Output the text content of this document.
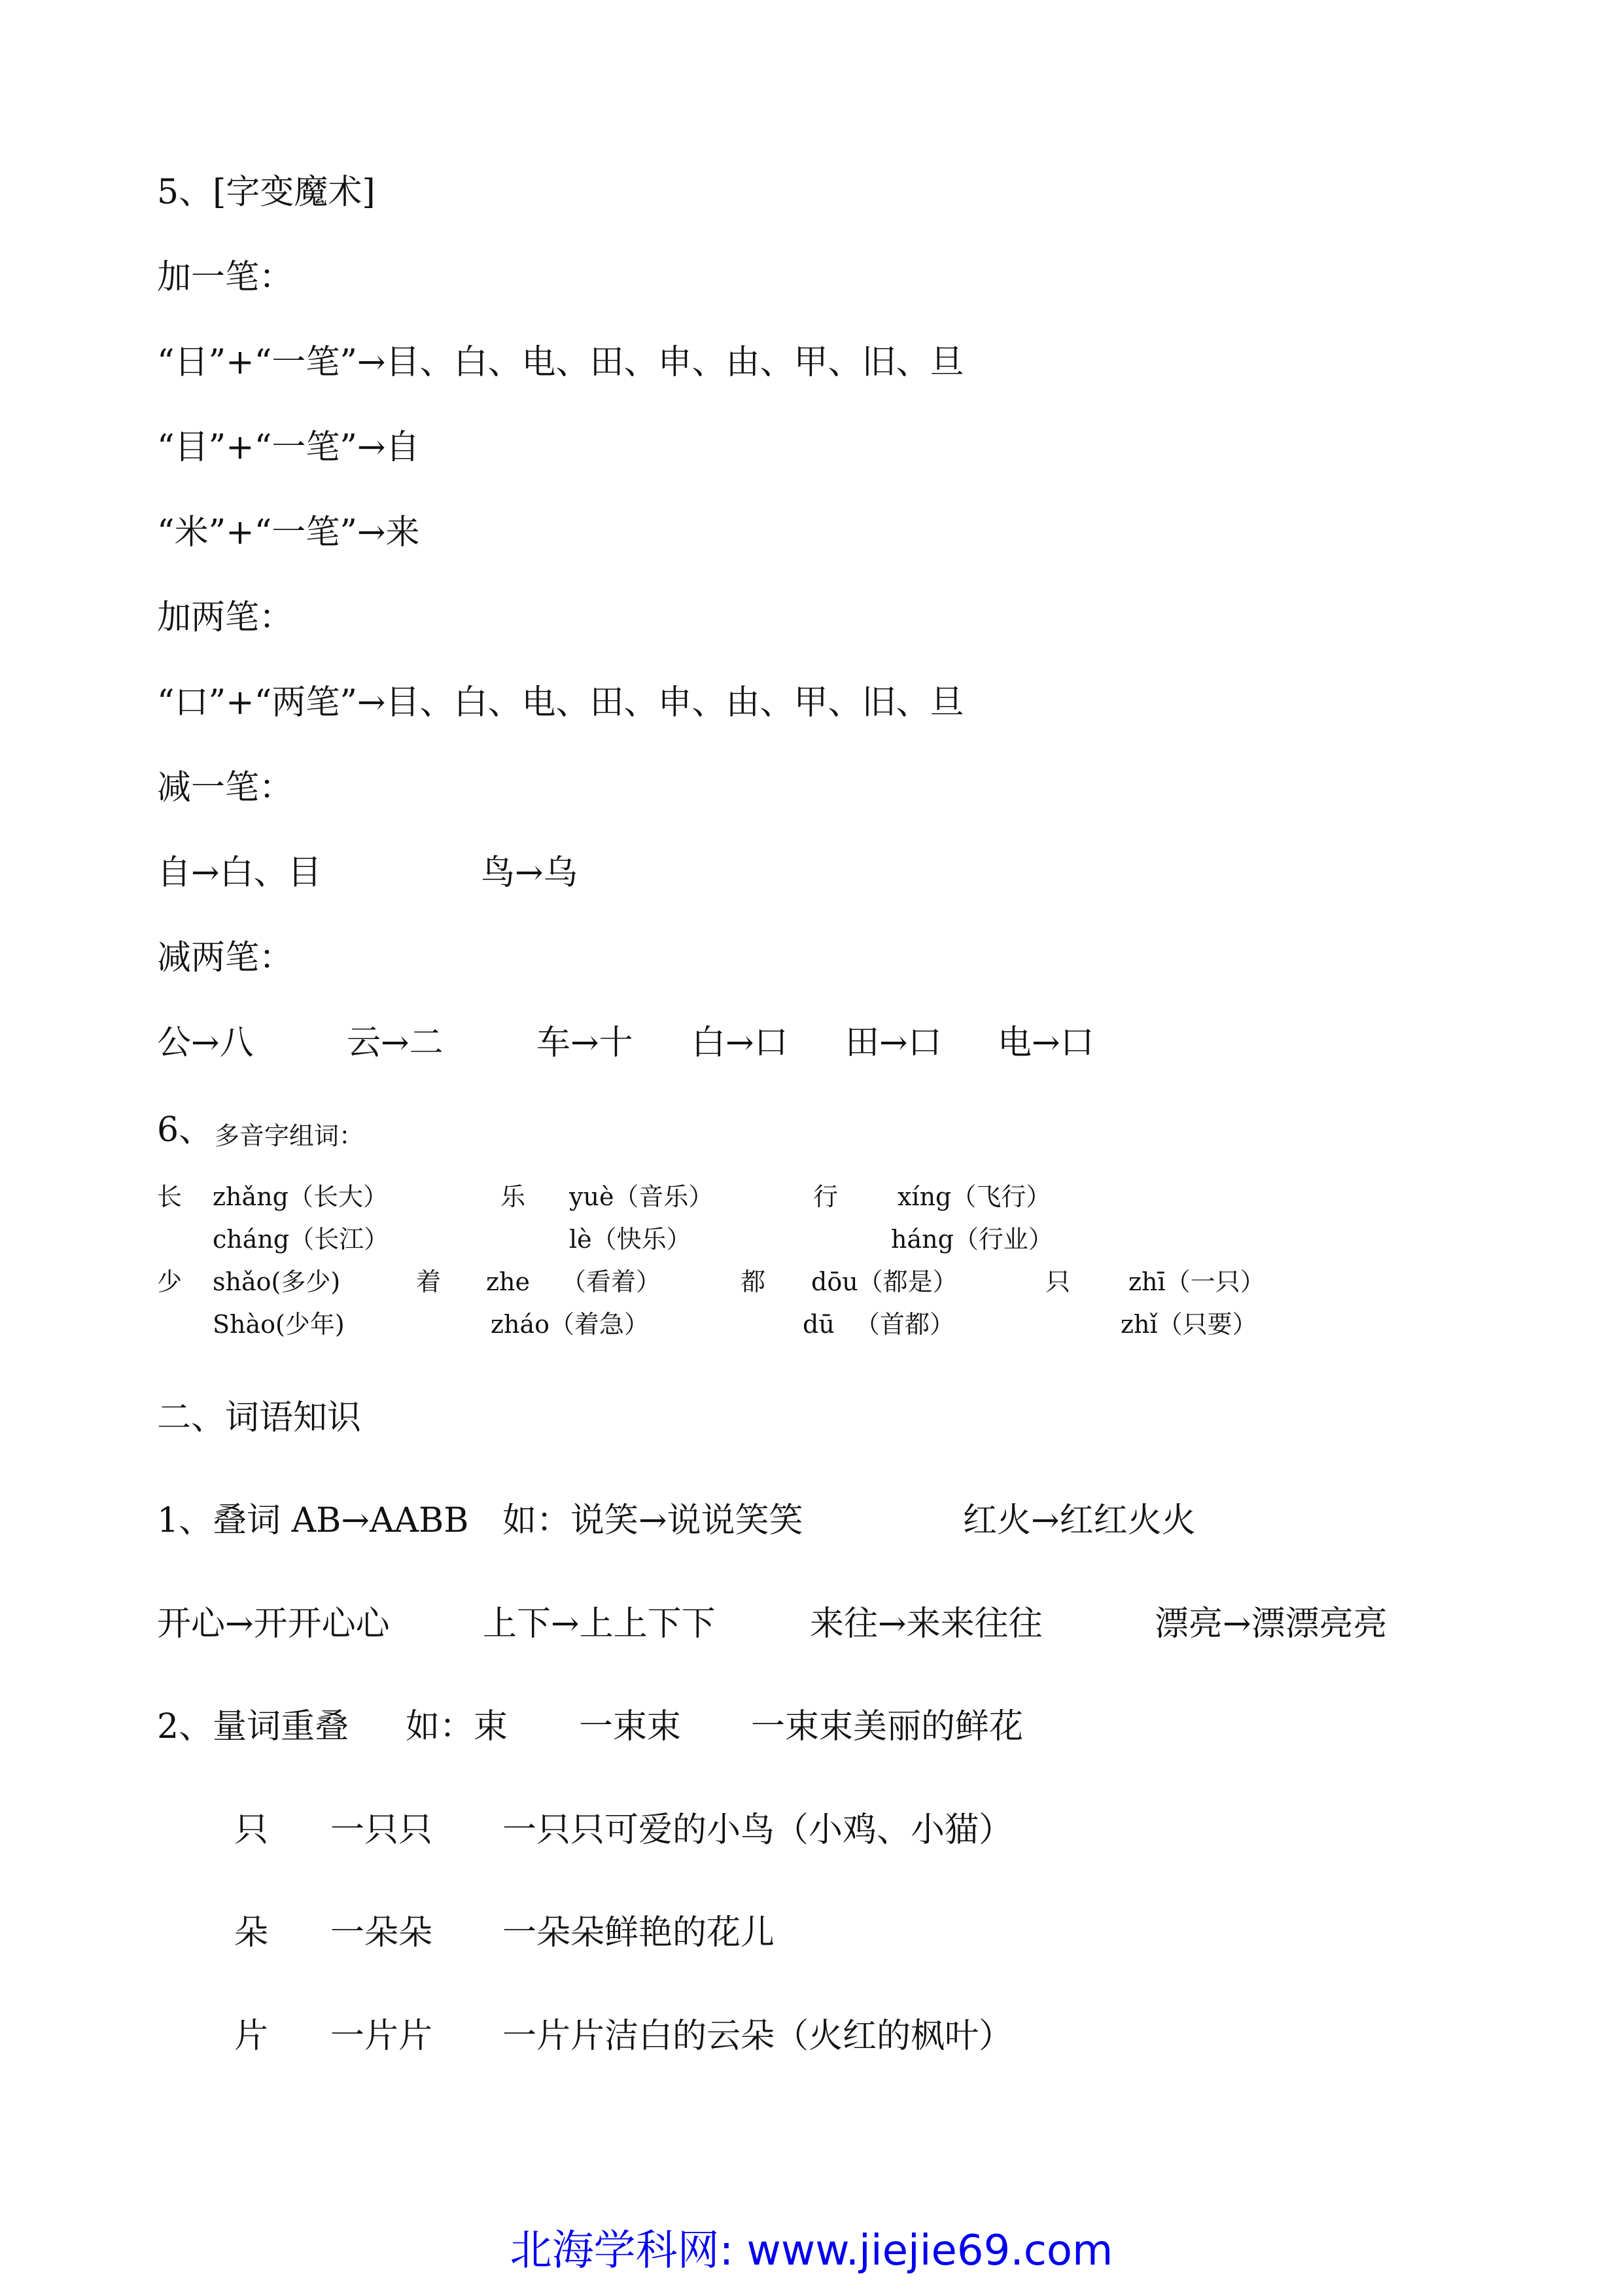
5、[字变魔术]
加一笔：
“日”+“一笔”→目、白、电、田、申、由、甲、旧、旦
“目”+“一笔”→自
“米”+“一笔”→来
加两笔：
“口”+“两笔”→目、白、电、田、申、由、甲、旧、旦
减一笔：
自→白、目	鸟→乌
减两笔：
公→八	云→二	车→十 白→口 田→口 电→口
6、 多音字组词：
长 zhǎng（长大）	乐 yuè（音乐）	行 xíng（飞行）
cháng（长江）	lè（快乐）	háng（行业）
少 shǎo(多少)	着 zhe （看着）	都 dōu（都是）	只 zhī（一只）
Shào(少年)	zháo（着急）	dū （首都）	zhǐ（只要）
二、词语知识
1、叠词 AB→AABB 如：说笑→说说笑笑	红火→红红火火
开心→开开心心	上下→上上下下	来往→来来往往	漂亮→漂漂亮亮
2、量词重叠 如：束 一束束 一束束美丽的鲜花
只 一只只 一只只可爱的小鸟（小鸡、小猫）
朵 一朵朵 一朵朵鲜艳的花儿
片 一片片 一片片洁白的云朵（火红的枫叶）
北海学科网: www.jiejie69.com
